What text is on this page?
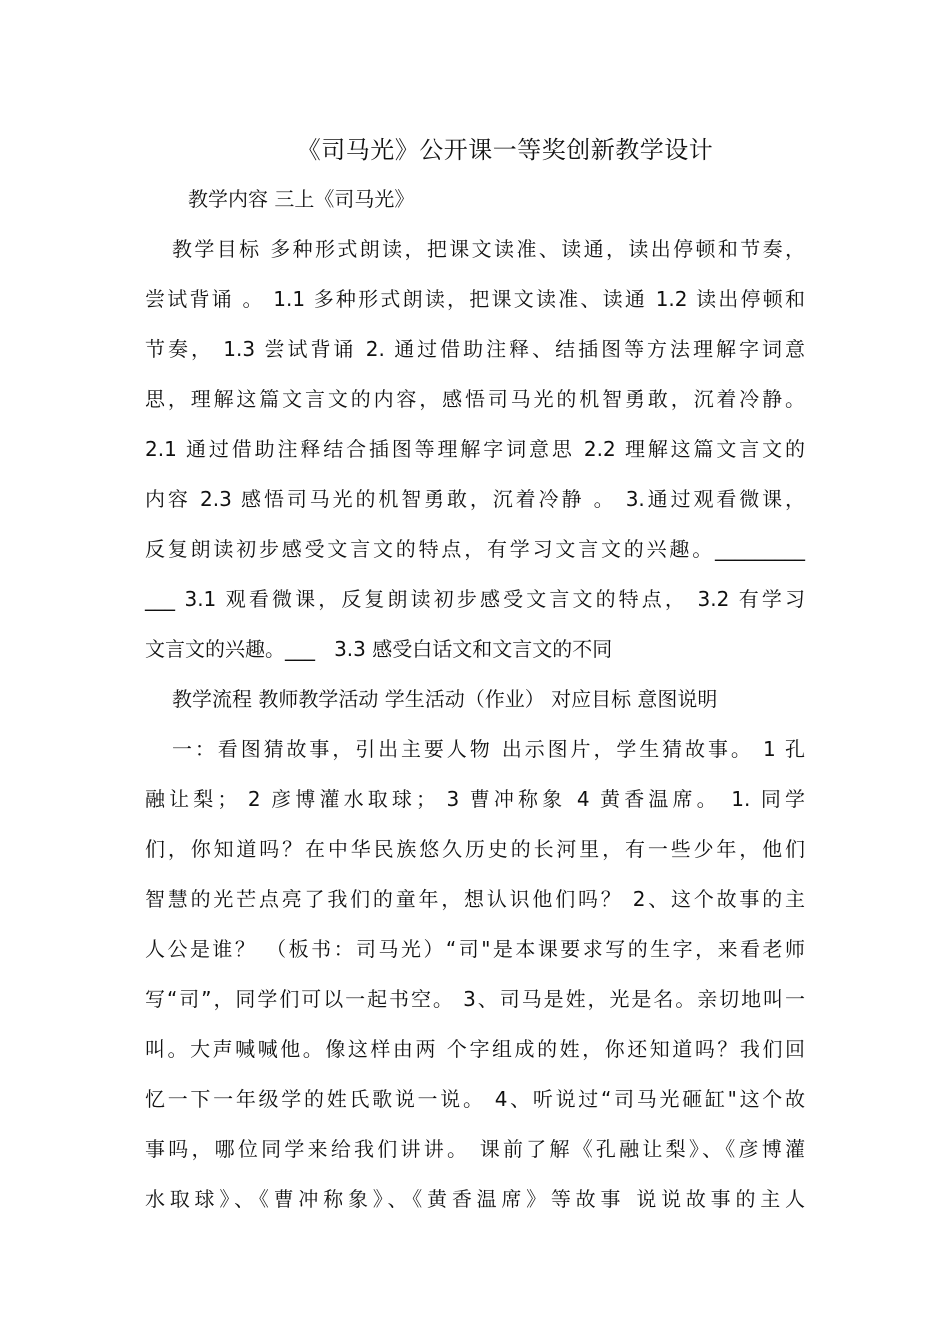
《司马光》公开课一等奖创新教学设计
教学内容 三上《司马光》
教学目标 多种形式朗读，把课文读准、读通，读出停顿和节奏，
尝试背诵 。 1.1 多种形式朗读，把课文读准、读通 1.2 读出停顿和
节奏， 1.3 尝试背诵 2. 通过借助注释、结插图等方法理解字词意
思，理解这篇文言文的内容，感悟司马光的机智勇敢，沉着冷静。
2.1 通过借助注释结合插图等理解字词意思 2.2 理解这篇文言文的
内容 2.3 感悟司马光的机智勇敢，沉着冷静 。 3.通过观看微课，
反复朗读初步感受文言文的特点，有学习文言文的兴趣。_________
___ 3.1 观看微课，反复朗读初步感受文言文的特点， 3.2 有学习
文言文的兴趣。___   3.3 感受白话文和文言文的不同
教学流程 教师教学活动 学生活动（作业） 对应目标 意图说明
一：看图猜故事，引出主要人物 出示图片，学生猜故事。 1 孔
融让梨； 2 彦博灌水取球； 3 曹冲称象 4 黄香温席。 1. 同学
们，你知道吗？在中华民族悠久历史的长河里，有一些少年，他们
智慧的光芒点亮了我们的童年，想认识他们吗？ 2、这个故事的主
人公是谁？ （板书：司马光）“司"是本课要求写的生字，来看老师
写“司”，同学们可以一起书空。 3、司马是姓，光是名。亲切地叫一
叫。大声喊喊他。像这样由两 个字组成的姓，你还知道吗？我们回
忆一下一年级学的姓氏歌说一说。 4、听说过“司马光砸缸"这个故
事吗，哪位同学来给我们讲讲。 课前了解《孔融让梨》、《彦博灌
水取球》、《曹冲称象》、《黄香温席》等故事 说说故事的主人
